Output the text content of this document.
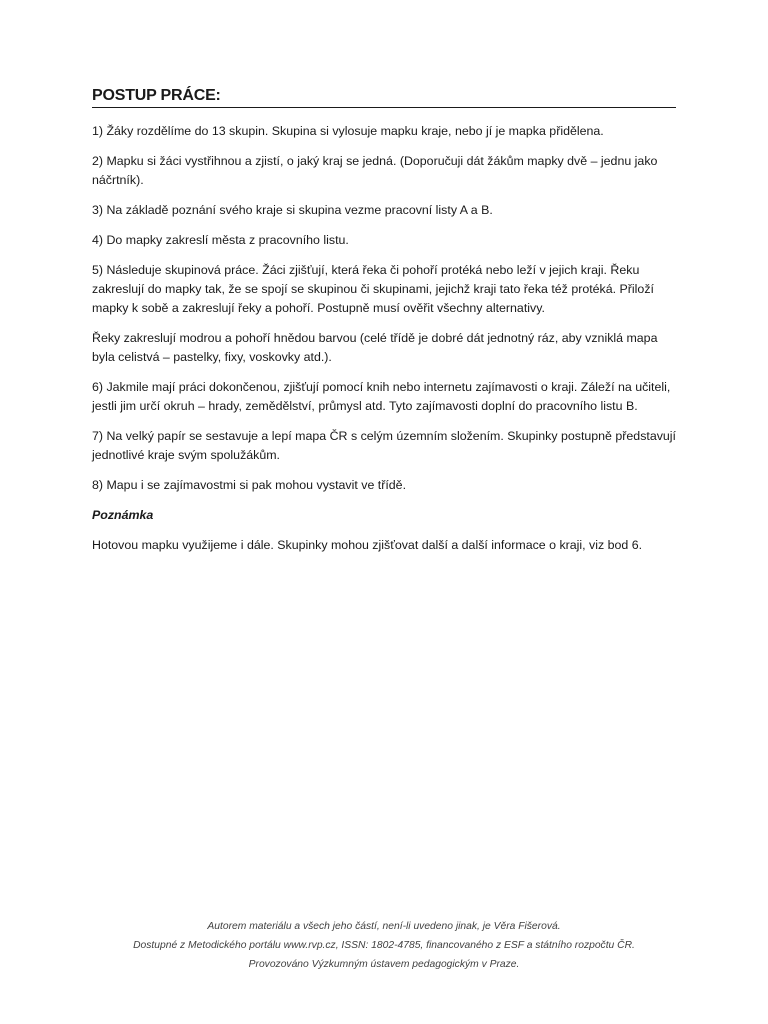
POSTUP PRÁCE:

1) Žáky rozdělíme do 13 skupin. Skupina si vylosuje mapku kraje, nebo jí je mapka přidělena.

2) Mapku si žáci vystřihnou a zjistí, o jaký kraj se jedná. (Doporučuji dát žákům mapky dvě – jednu jako náčrtník).

3) Na základě poznání svého kraje si skupina vezme pracovní listy A a B.

4) Do mapky zakreslí města z pracovního listu.

5) Následuje skupinová práce. Žáci zjišťují, která řeka či pohoří protéká nebo leží v jejich kraji. Řeku zakreslují do mapky tak, že se spojí se skupinou či skupinami, jejichž kraji tato řeka též protéká. Přiloží mapky k sobě a zakreslují řeky a pohoří. Postupně musí ověřit všechny alternativy.

Řeky zakreslují modrou a pohoří hnědou barvou (celé třídě je dobré dát jednotný ráz, aby vzniklá mapa byla celistvá – pastelky, fixy, voskovky atd.).

6) Jakmile mají práci dokončenou, zjišťují pomocí knih nebo internetu zajímavosti o kraji. Záleží na učiteli, jestli jim určí okruh – hrady, zemědělství, průmysl atd. Tyto zajímavosti doplní do pracovního listu B.

7) Na velký papír se sestavuje a lepí mapa ČR s celým územním složením. Skupinky postupně představují jednotlivé kraje svým spolužákům.

8) Mapu i se zajímavostmi si pak mohou vystavit ve třídě.

Poznámka

Hotovou mapku využijeme i dále. Skupinky mohou zjišťovat další a další informace o kraji, viz bod 6.

Autorem materiálu a všech jeho částí, není-li uvedeno jinak, je Věra Fišerová.
Dostupné z Metodického portálu www.rvp.cz, ISSN: 1802-4785, financovaného z ESF a státního rozpočtu ČR.
Provozováno Výzkumným ústavem pedagogickým v Praze.
